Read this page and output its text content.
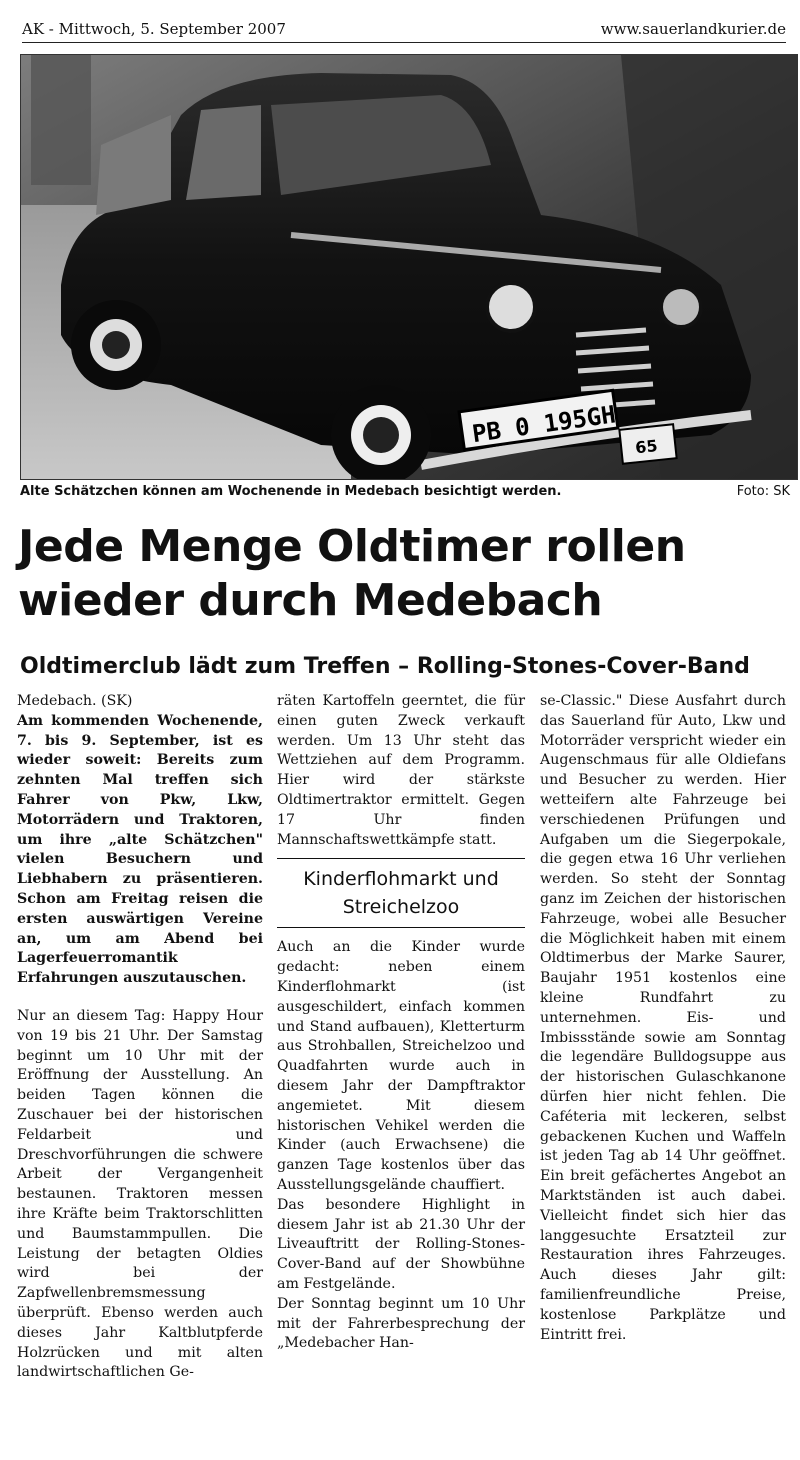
AK - Mittwoch, 5. September 2007	www.sauerlandkurier.de
PB 0 195GH 65
Alte Schätzchen können am Wochenende in Medebach besichtigt werden.	Foto: SK
Jede Menge Oldtimer rollen wieder durch Medebach
Oldtimerclub lädt zum Treffen – Rolling-Stones-Cover-Band

Medebach. (SK)

Am kommenden Wochenende, 7. bis 9. September, ist es wieder soweit: Bereits zum zehnten Mal treffen sich Fahrer von Pkw, Lkw, Motorrädern und Traktoren, um ihre „alte Schätzchen" vielen Besuchern und Liebhabern zu präsentieren. Schon am Freitag reisen die ersten auswärtigen Vereine an, um am Abend bei Lagerfeuerromantik Erfahrungen auszutauschen.

Nur an diesem Tag: Happy Hour von 19 bis 21 Uhr. Der Samstag beginnt um 10 Uhr mit der Eröffnung der Ausstellung. An beiden Tagen können die Zuschauer bei der historischen Feldarbeit und Dreschvorführungen die schwere Arbeit der Vergangenheit bestaunen. Traktoren messen ihre Kräfte beim Traktorschlitten und Baumstammpullen. Die Leistung der betagten Oldies wird bei der Zapfwellenbremsmessung überprüft. Ebenso werden auch dieses Jahr Kaltblutpferde Holzrücken und mit alten landwirtschaftlichen Ge-

räten Kartoffeln geerntet, die für einen guten Zweck verkauft werden. Um 13 Uhr steht das Wettziehen auf dem Programm. Hier wird der stärkste Oldtimertraktor ermittelt. Gegen 17 Uhr finden Mannschaftswettkämpfe statt.

Kinderflohmarkt und Streichelzoo

Auch an die Kinder wurde gedacht: neben einem Kinderflohmarkt (ist ausgeschildert, einfach kommen und Stand aufbauen), Kletterturm aus Strohballen, Streichelzoo und Quadfahrten wurde auch in diesem Jahr der Dampftraktor angemietet. Mit diesem historischen Vehikel werden die Kinder (auch Erwachsene) die ganzen Tage kostenlos über das Ausstellungsgelände chauffiert.

Das besondere Highlight in diesem Jahr ist ab 21.30 Uhr der Liveauftritt der Rolling-Stones-Cover-Band auf der Showbühne am Festgelände.

Der Sonntag beginnt um 10 Uhr mit der Fahrerbesprechung der „Medebacher Han-

se-Classic." Diese Ausfahrt durch das Sauerland für Auto, Lkw und Motorräder verspricht wieder ein Augenschmaus für alle Oldiefans und Besucher zu werden. Hier wetteifern alte Fahrzeuge bei verschiedenen Prüfungen und Aufgaben um die Siegerpokale, die gegen etwa 16 Uhr verliehen werden. So steht der Sonntag ganz im Zeichen der historischen Fahrzeuge, wobei alle Besucher die Möglichkeit haben mit einem Oldtimerbus der Marke Saurer, Baujahr 1951 kostenlos eine kleine Rundfahrt zu unternehmen. Eis- und Imbissstände sowie am Sonntag die legendäre Bulldogsuppe aus der historischen Gulaschkanone dürfen hier nicht fehlen. Die Caféteria mit leckeren, selbst gebackenen Kuchen und Waffeln ist jeden Tag ab 14 Uhr geöffnet. Ein breit gefächertes Angebot an Marktständen ist auch dabei. Vielleicht findet sich hier das langgesuchte Ersatzteil zur Restauration ihres Fahrzeuges. Auch dieses Jahr gilt: familienfreundliche Preise, kostenlose Parkplätze und Eintritt frei.
